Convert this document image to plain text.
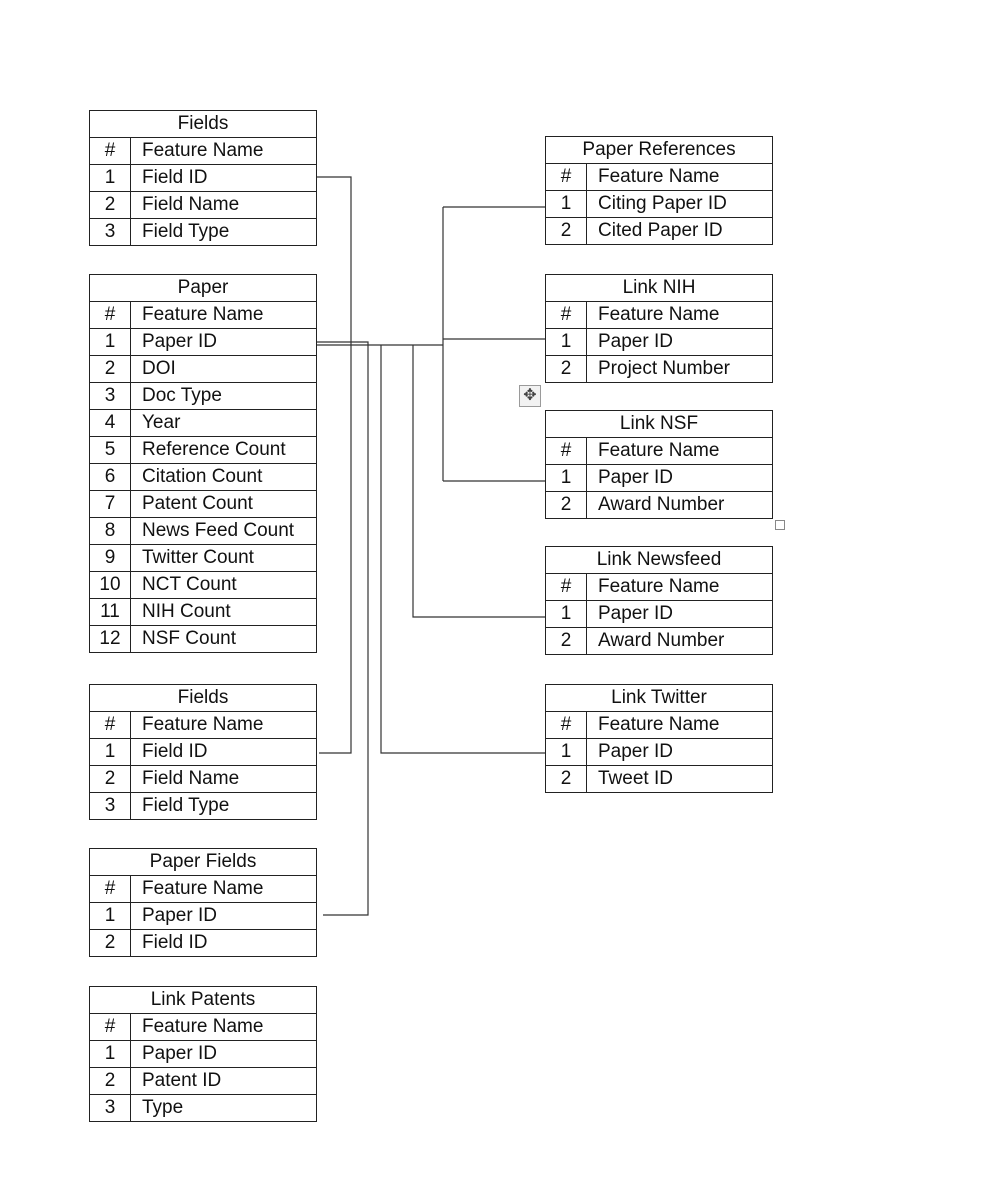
Fields
#	Feature Name
1	Field ID
2	Field Name
3	Field Type
Paper
#	Feature Name
1	Paper ID
2	DOI
3	Doc Type
4	Year
5	Reference Count
6	Citation Count
7	Patent Count
8	News Feed Count
9	Twitter Count
10	NCT Count
11	NIH Count
12	NSF Count
Fields
#	Feature Name
1	Field ID
2	Field Name
3	Field Type
Paper Fields
#	Feature Name
1	Paper ID
2	Field ID
Link Patents
#	Feature Name
1	Paper ID
2	Patent ID
3	Type
Paper References
#	Feature Name
1	Citing Paper ID
2	Cited Paper ID
Link NIH
#	Feature Name
1	Paper ID
2	Project Number
Link NSF
#	Feature Name
1	Paper ID
2	Award Number
Link Newsfeed
#	Feature Name
1	Paper ID
2	Award Number
Link Twitter
#	Feature Name
1	Paper ID
2	Tweet ID
✥
